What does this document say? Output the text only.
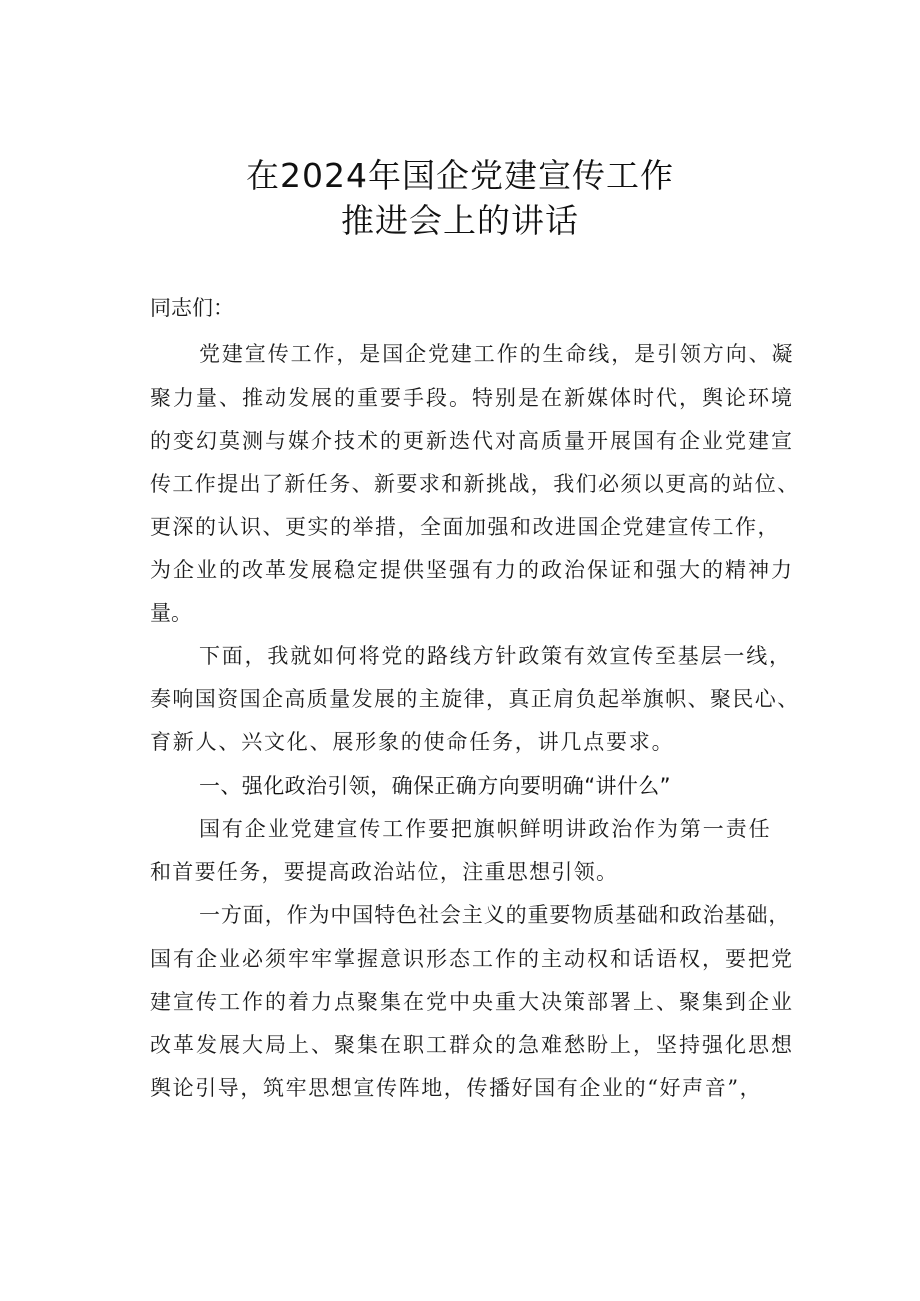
在2024年国企党建宣传工作
推进会上的讲话
同志们：
党建宣传工作，是国企党建工作的生命线，是引领方向、凝
聚力量、推动发展的重要手段。特别是在新媒体时代，舆论环境
的变幻莫测与媒介技术的更新迭代对高质量开展国有企业党建宣
传工作提出了新任务、新要求和新挑战，我们必须以更高的站位、
更深的认识、更实的举措，全面加强和改进国企党建宣传工作，
为企业的改革发展稳定提供坚强有力的政治保证和强大的精神力
量。
下面，我就如何将党的路线方针政策有效宣传至基层一线，
奏响国资国企高质量发展的主旋律，真正肩负起举旗帜、聚民心、
育新人、兴文化、展形象的使命任务，讲几点要求。
一、强化政治引领，确保正确方向要明确“讲什么”
国有企业党建宣传工作要把旗帜鲜明讲政治作为第一责任
和首要任务，要提高政治站位，注重思想引领。
一方面，作为中国特色社会主义的重要物质基础和政治基础，
国有企业必须牢牢掌握意识形态工作的主动权和话语权，要把党
建宣传工作的着力点聚集在党中央重大决策部署上、聚集到企业
改革发展大局上、聚集在职工群众的急难愁盼上，坚持强化思想
舆论引导，筑牢思想宣传阵地，传播好国有企业的“好声音”，
